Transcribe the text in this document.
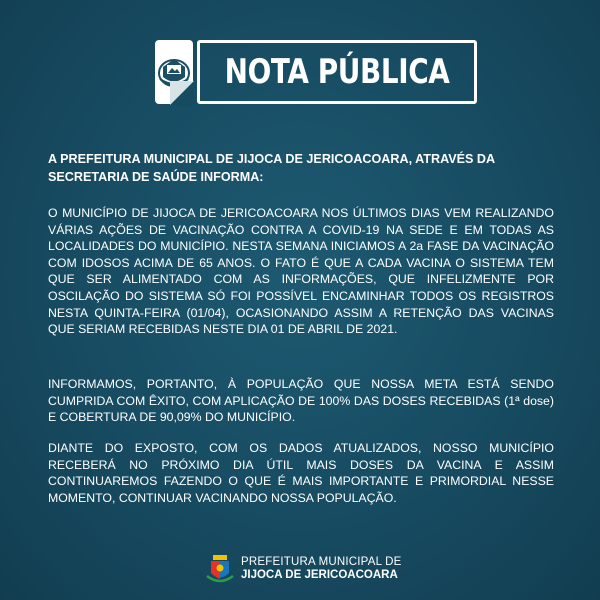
NOTA PÚBLICA
A PREFEITURA MUNICIPAL DE JIJOCA DE JERICOACOARA, ATRAVÉS DA SECRETARIA DE SAÚDE INFORMA:
O MUNICÍPIO DE JIJOCA DE JERICOACOARA NOS ÚLTIMOS DIAS VEM REALIZANDO VÁRIAS AÇÕES DE VACINAÇÃO CONTRA A COVID-19 NA SEDE E EM TODAS AS LOCALIDADES DO MUNICÍPIO. NESTA SEMANA INICIAMOS A 2a FASE DA VACINAÇÃO COM IDOSOS ACIMA DE 65 ANOS. O FATO É QUE A CADA VACINA O SISTEMA TEM QUE SER ALIMENTADO COM AS INFORMAÇÕES, QUE INFELIZMENTE POR OSCILAÇÃO DO SISTEMA SÓ FOI POSSÍVEL ENCAMINHAR TODOS OS REGISTROS NESTA QUINTA-FEIRA (01/04), OCASIONANDO ASSIM A RETENÇÃO DAS VACINAS QUE SERIAM RECEBIDAS NESTE DIA 01 DE ABRIL DE 2021.
INFORMAMOS, PORTANTO, À POPULAÇÃO QUE NOSSA META ESTÁ SENDO CUMPRIDA COM ÊXITO, COM APLICAÇÃO DE 100% DAS DOSES RECEBIDAS (1ª dose) E COBERTURA DE 90,09% DO MUNICÍPIO.
DIANTE DO EXPOSTO, COM OS DADOS ATUALIZADOS, NOSSO MUNICÍPIO RECEBERÁ NO PRÓXIMO DIA ÚTIL MAIS DOSES DA VACINA E ASSIM CONTINUAREMOS FAZENDO O QUE É MAIS IMPORTANTE E PRIMORDIAL NESSE MOMENTO, CONTINUAR VACINANDO NOSSA POPULAÇÃO.
PREFEITURA MUNICIPAL DE
JIJOCA DE JERICOACOARA
